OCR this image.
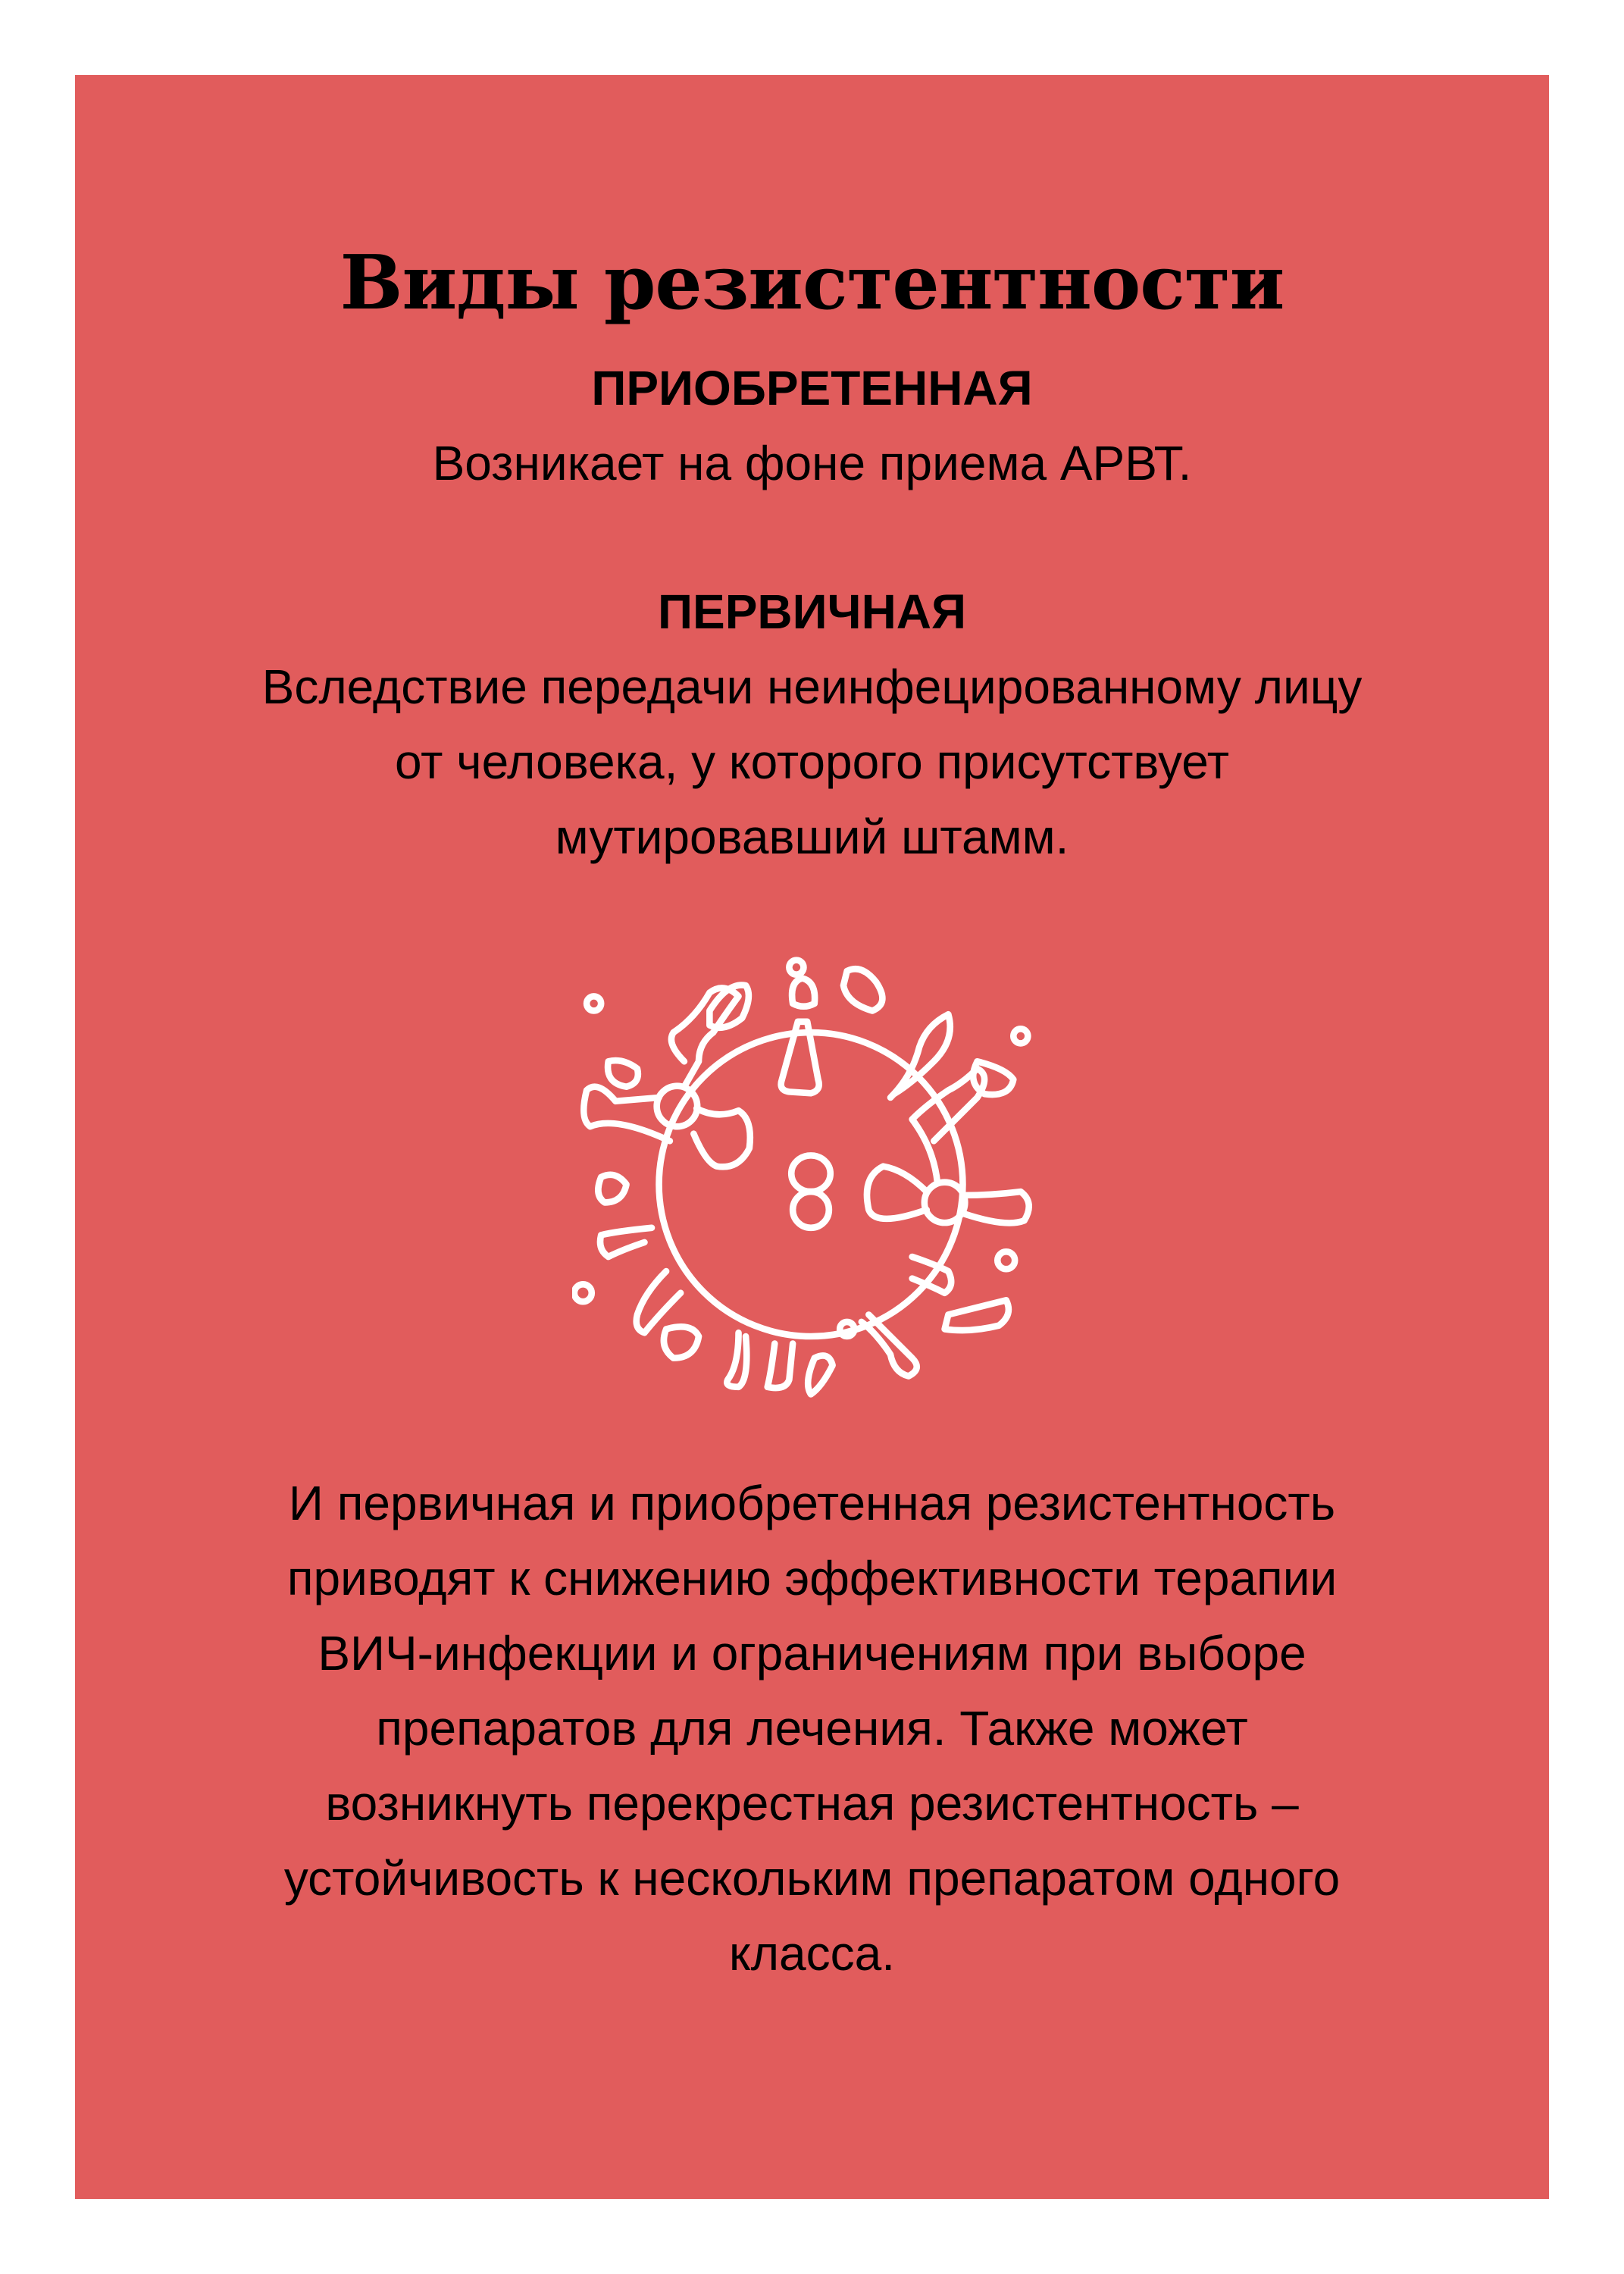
Виды резистентности
ПРИОБРЕТЕННАЯ
Возникает на фоне приема АРВТ.
ПЕРВИЧНАЯ
Вследствие передачи неинфецированному лицу
от человека, у которого присутствует
мутировавший штамм.
И первичная и приобретенная резистентность
приводят к снижению эффективности терапии
ВИЧ-инфекции и ограничениям при выборе
препаратов для лечения. Также может
возникнуть перекрестная резистентность –
устойчивость к нескольким препаратом одного
класса.
